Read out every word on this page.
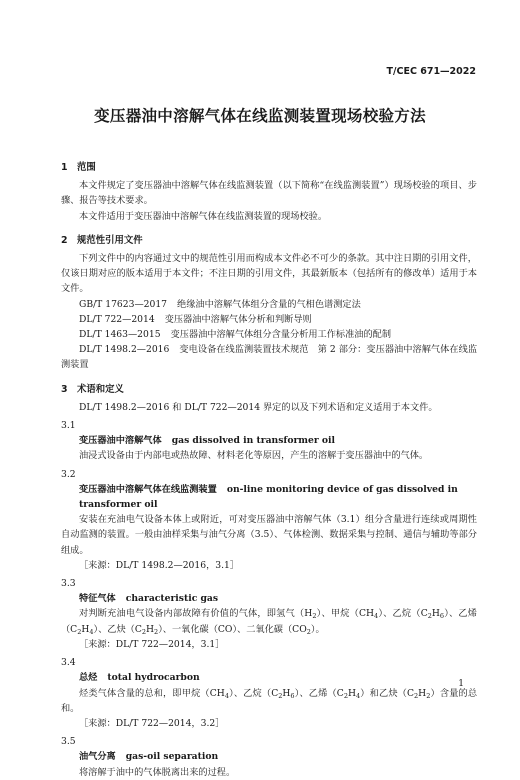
T/CEC 671—2022
变压器油中溶解气体在线监测装置现场校验方法
1 范围
本文件规定了变压器油中溶解气体在线监测装置（以下简称“在线监测装置”）现场校验的项目、步骤、报告等技术要求。
本文件适用于变压器油中溶解气体在线监测装置的现场校验。
2 规范性引用文件
下列文件中的内容通过文中的规范性引用而构成本文件必不可少的条款。其中注日期的引用文件，仅该日期对应的版本适用于本文件；不注日期的引用文件，其最新版本（包括所有的修改单）适用于本文件。
GB/T 17623—2017 绝缘油中溶解气体组分含量的气相色谱测定法
DL/T 722—2014 变压器油中溶解气体分析和判断导则
DL/T 1463—2015 变压器油中溶解气体组分含量分析用工作标准油的配制
DL/T 1498.2—2016 变电设备在线监测装置技术规范　第 2 部分：变压器油中溶解气体在线监测装置
3 术语和定义
DL/T 1498.2—2016 和 DL/T 722—2014 界定的以及下列术语和定义适用于本文件。
3.1
变压器油中溶解气体 gas dissolved in transformer oil
油浸式设备由于内部电或热故障、材料老化等原因，产生的溶解于变压器油中的气体。
3.2
变压器油中溶解气体在线监测装置 on-line monitoring device of gas dissolved in transformer oil
安装在充油电气设备本体上或附近，可对变压器油中溶解气体（3.1）组分含量进行连续或周期性自动监测的装置。一般由油样采集与油气分离（3.5）、气体检测、数据采集与控制、通信与辅助等部分组成。
［来源：DL/T 1498.2—2016，3.1］
3.3
特征气体 characteristic gas
对判断充油电气设备内部故障有价值的气体，即氢气$(H_2)$、甲烷$(CH_4)$、乙烷$(C_2H_6)$、乙烯$(C_2H_4)$、乙炔$(C_2H_2)$、一氧化碳（CO）、二氧化碳$(CO_2)$。
［来源：DL/T 722—2014，3.1］
3.4
总烃 total hydrocarbon
烃类气体含量的总和，即甲烷$(CH_4)$、乙烷$(C_2H_6)$、乙烯$(C_2H_4)$和乙炔$(C_2H_2)$含量的总和。
［来源：DL/T 722—2014，3.2］
3.5
油气分离 gas-oil separation
将溶解于油中的气体脱离出来的过程。
1
